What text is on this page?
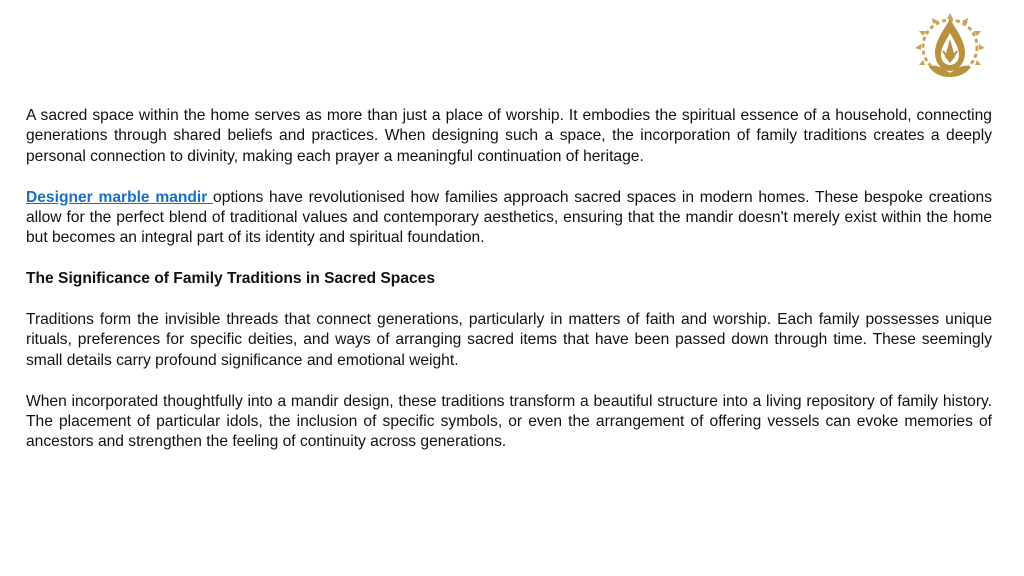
A sacred space within the home serves as more than just a place of worship. It embodies the spiritual essence of a household, connecting generations through shared beliefs and practices. When designing such a space, the incorporation of family traditions creates a deeply personal connection to divinity, making each prayer a meaningful continuation of heritage.

Designer marble mandir options have revolutionised how families approach sacred spaces in modern homes. These bespoke creations allow for the perfect blend of traditional values and contemporary aesthetics, ensuring that the mandir doesn't merely exist within the home but becomes an integral part of its identity and spiritual foundation.

The Significance of Family Traditions in Sacred Spaces

Traditions form the invisible threads that connect generations, particularly in matters of faith and worship. Each family possesses unique rituals, preferences for specific deities, and ways of arranging sacred items that have been passed down through time. These seemingly small details carry profound significance and emotional weight.

When incorporated thoughtfully into a mandir design, these traditions transform a beautiful structure into a living repository of family history. The placement of particular idols, the inclusion of specific symbols, or even the arrangement of offering vessels can evoke memories of ancestors and strengthen the feeling of continuity across generations.
